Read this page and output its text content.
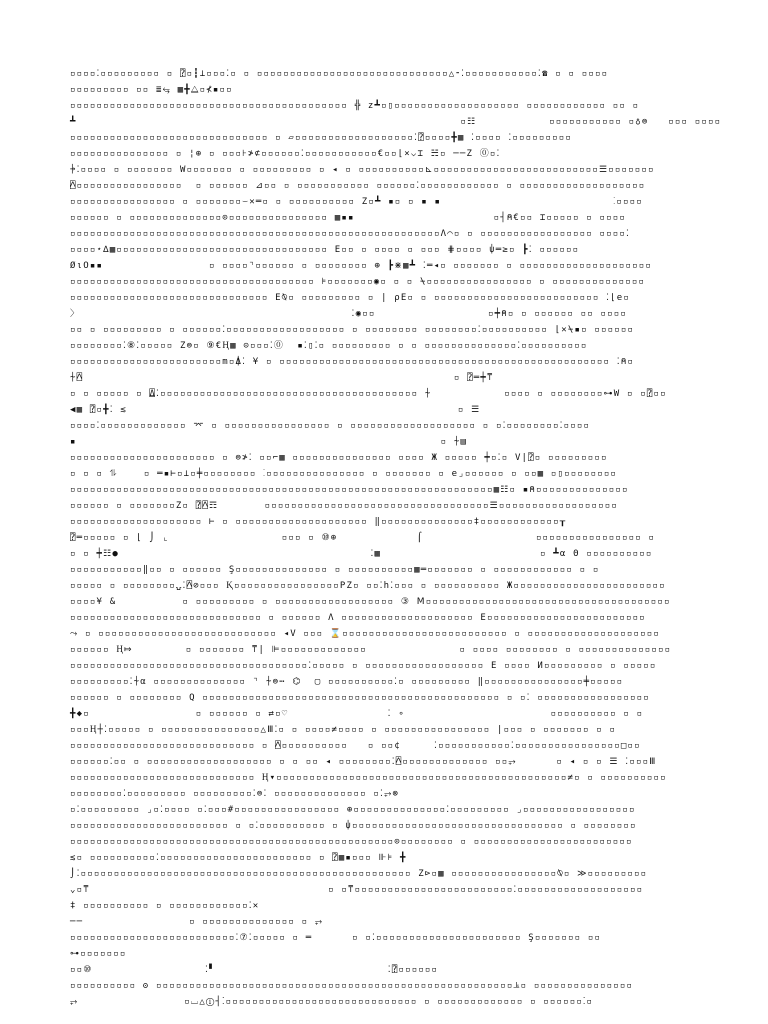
▫▫▫▫⁚▫▫▫▫▫▫▫▫▫ ▫ ⍰▫┇⊥▫▫▫⁚▫ ▫ ▫▫▫▫▫▫▫▫▫▫▫▫▫▫▫▫▫▫▫▫▫▫▫▫▫▫▫▫▫△⁃⁚▫▫▫▫▫▫▫▫▫▫▫⁚☎ ▫ ▫ ▫▫▫▫
▫▫▫▫▫▫▫▫▫ ▫▫ ≣⥃ ▦╋⧋▫⊀▪▫▫
▫▫▫▫▫▫▫▫▫▫▫▫▫▫▫▫▫▫▫▫▫▫▫▫▫▫▫▫▫▫▫▫▫▫▫▫▫▫▫▫▫▫ ╬ z┻▫▯▫▫▫▫▫▫▫▫▫▫▫▫▫▫▫▫▫▫▫ ▫▫▫▫▫▫▫▫▫▫▫▫ ▫▫ ▫
┻                                                          ▫☷           ▫▫▫▫▫▫▫▫▫▫▫ ▫♁⊜   ▫▫▫ ▫▫▫▫
▫▫▫▫▫▫▫▫▫▫▫▫▫▫▫▫▫▫▫▫▫▫▫▫▫▫▫▫▫▫ ▫ ▱▫▫▫▫▫▫▫▫▫▫▫▫▫▫▫▫▫▫⁚⍰▫▫▫▫╋▦ ⁚▫▫▫▫ ⁚▫▫▫▫▫▫▫▫▫
▫▫▫▫▫▫▫▫▫▫▫▫▫▫▫ ▫ ¦⊕ ▫ ▫▫▫⊦≯⊄▫▫▫▫▫▫⁚▫▫▫▫▫▫▫▫▫▫▫€▫▫⌊×⌵⌶ ☵▫ ──Z ⓪▫⁚
⍆⁚▫▫▫▫ ▫ ▫▫▫▫▫▫▫ W▫▫▫▫▫▫▫ ▫ ▫▫▫▫▫▫▫▫▫ ▫ ◂ ▫ ▫▫▫▫▫▫▫▫▫▫⊾▫▫▫▫▫▫▫▫▫▫▫▫▫▫▫▫▫▫▫▫▫▫▫▫▫☰▫▫▫▫▫▫▫
⍓▫▫▫▫▫▫▫▫▫▫▫▫▫▫▫▫  ▫ ▫▫▫▫▫▫ ⊿▫▫ ▫ ▫▫▫▫▫▫▫▫▫▫▫ ▫▫▫▫▫▫⁚▫▫▫▫▫▫▫▫▫▫▫▫ ▫ ▫▫▫▫▫▫▫▫▫▫▫▫▫▫▫▫▫▫▫
▫▫▫▫▫▫▫▫▫▫▫▫▫▫▫▫ ▫ ▫▫▫▫▫▫▫⌣✕═▫ ▫ ▫▫▫▫▫▫▫▫▫▫ Z▫┻ ▪▫ ▫ ▪ ▪                          ⁚▫▫▫▫
▫▫▫▫▫▫ ▫ ▫▫▫▫▫▫▫▫▫▫▫▫▫▫⊙▫▫▫▫▫▫▫▫▫▫▫▫▫▫▫ ▦▪▪                     ▫┤⍝€▫▫ ⌶▫▫▫▫▫ ▫ ▫▫▫▫
▫▫▫▫▫▫▫▫▫▫▫▫▫▫▫▫▫▫▫▫▫▫▫▫▫▫▫▫▫▫▫▫▫▫▫▫▫▫▫▫▫▫▫▫▫▫▫▫▫▫▫▫▫▫▫▫Λ⌒▫ ▫ ▫▫▫▫▫▫▫▫▫▫▫▫▫▫▫▫▫ ▫▫▫▫⁚
▫▫▫▫⋆∆▦▫▫▫▫▫▫▫▫▫▫▫▫▫▫▫▫▫▫▫▫▫▫▫▫▫▫▫▫▫▫▫▫ E▫▫ ▫ ▫▫▫▫ ▫ ▫▫▫ ⋕▫▫▫▫ ⍦═≥▫ ┣⁚ ▫▫▫▫▫▫
Ø⍳O▪▪                ▫ ▫▫▫▫⌝▫▫▫▫▫▫ ▫ ▫▫▫▫▫▫▫▫ ⊕ ┣⋇▦┻ ⁚═◂▫ ▫▫▫▫▫▫▫ ▫ ▫▫▫▫▫▫▫▫▫▫▫▫▫▫▫▫▫▫▫▫
▫▫▫▫▫▫▫▫▫▫▫▫▫▫▫▫▫▫▫▫▫▫▫▫▫▫▫▫▫▫▫▫▫▫▫▫▫ ⊧▫▫▫▫▫▫▫◉▫ ▫ ▫ ⍀▫▫▫▫▫▫▫▫▫▫▫▫▫▫▫▫ ▫ ▫▫▫▫▫▫▫▫▫▫▫▫▫▫
▫▫▫▫▫▫▫▫▫▫▫▫▫▫▫▫▫▫▫▫▫▫▫▫▫▫▫▫▫▫ E⍉▫ ▫▫▫▫▫▫▫▫▫ ▫ ∣ ρE▫ ▫ ▫▫▫▫▫▫▫▫▫▫▫▫▫▫▫▫▫▫▫▫▫▫▫▫▫ ⁚⌊e▫
〉                                         ⁚◉▫▫                 ▫┿⍝▫ ▫ ▫▫▫▫▫▫ ▫▫ ▫▫▫▫
▫▫ ▫ ▫▫▫▫▫▫▫▫▫ ▫ ▫▫▫▫▫▫⁚▫▫▫▫▫▫▫▫▫▫▫▫▫▫▫▫▫▫ ▫ ▫▫▫▫▫▫▫▫ ▫▫▫▫▫▫▫▫⁚▫▫▫▫▫▫▫▫▫▫ ⌊✕⍀▪▫ ▫▫▫▫▫▫
▫▫▫▫▫▫▫▫⁚⑧⁚▫▫▫▫▫ Z⊜▫ ⑨€Ⱨ▦ ⊝▫▫▫⁚⓪  ▪⁚▯⁚▫ ▫▫▫▫▫▫▫▫▫ ▫ ▫ ▫▫▫▫▫▫▫▫▫▫▫▫▫▫⁚▫▫▫▫▫▫▫▫▫▫
▫▫▫▫▫▫▫▫▫▫▫▫▫▫▫▫▫▫▫▫▫▫▫m▫⍋⁚ ¥ ▫ ▫▫▫▫▫▫▫▫▫▫▫▫▫▫▫▫▫▫▫▫▫▫▫▫▫▫▫▫▫▫▫▫▫▫▫▫▫▫▫▫▫▫▫▫▫▫▫▫▫▫ ⁚⍝▫
⍭⍓                                                        ▫ ⍰═┿⍑
▫ ▫ ▫▫▫▫▫ ▫ ⍍⁚▫▫▫▫▫▫▫▫▫▫▫▫▫▫▫▫▫▫▫▫▫▫▫▫▫▫▫▫▫▫▫▫▫▫▫▫▫▫▫ ⍭           ▫▫▫▫ ▫ ▫▫▫▫▫▫▫▫⊶W ▫ ▫⍰▫▫
◀▦ ⍰▫╋⁚ ≲                                                  ▫ ☰
▫▫▫▫⁚▫▫▫▫▫▫▫▫▫▫▫▫▫ ⌤ ▫ ▫▫▫▫▫▫▫▫▫▫▫▫▫▫▫▫ ▫ ▫▫▫▫▫▫▫▫▫▫▫▫▫▫▫▫▫▫▫ ▫ ▫⁚▫▫▫▫▫▫▫▫⁚▫▫▫▫
▪                                                       ▫ ⍭▤
▫▫▫▫▫▫▫▫▫▫▫▫▫▫▫▫▫▫▫▫▫▫ ▫ ⊜≯⁚ ▫▫⌐▦ ▫▫▫▫▫▫▫▫▫▫▫▫▫▫▫ ▫▫▫▫ Ж ▫▫▫▫▫ ┿▫⁚▫ V|⍰▫ ▫▫▫▫▫▫▫▫▫
▫ ▫ ▫ ⥮    ▫ ═▪⊢▫⊥▫╪▫▫▫▫▫▫▫▫ ⁚▫▫▫▫▫▫▫▫▫▫▫▫▫▫▫ ▫ ▫▫▫▫▫▫▫ ▫ e⌟▫▫▫▫▫▫ ▫ ▫▫▦ ▫▯▫▫▫▫▫▫▫▫
▫▫▫▫▫▫▫▫▫▫▫▫▫▫▫▫▫▫▫▫▫▫▫▫▫▫▫▫▫▫▫▫▫▫▫▫▫▫▫▫▫▫▫▫▫▫▫▫▫▫▫▫▫▫▫▫▫▫▫▫▫▫▫▫▦☷▫ ▪⍝▫▫▫▫▫▫▫▫▫▫▫▫▫▫
▫▫▫▫▫▫ ▫ ▫▫▫▫▫▫▫Z▫ ⍰⍓☶       ▫▫▫▫▫▫▫▫▫▫▫▫▫▫▫▫▫▫▫▫▫▫▫▫▫▫▫▫▫▫▫▫▫▫☰▫▫▫▫▫▫▫▫▫▫▫▫▫▫▫▫▫▫
▫▫▫▫▫▫▫▫▫▫▫▫▫▫▫▫▫▫▫▫ ⊢ ▫ ▫▫▫▫▫▫▫▫▫▫▫▫▫▫▫▫▫▫▫▫ ‖▫▫▫▫▫▫▫▫▫▫▫▫▫▫‡▫▫▫▫▫▫▫▫▫▫▫▫┰
⍰═▫▫▫▫▫ ▫ ⌊ ⌡ ⌞                 ▫▫▫ ▫ ⑩⊕            ⌠                 ▫▫▫▫▫▫▫▫▫▫▫▫▫▫▫▫ ▫
▫ ▫ ┿☷●                                      ⁚▦                        ▫ ┻α Θ ▫▫▫▫▫▫▫▫▫▫
▫▫▫▫▫▫▫▫▫▫▫‖▫▫ ▫ ▫▫▫▫▫▫ Ş▫▫▫▫▫▫▫▫▫▫▫▫▫▫ ▫ ▫▫▫▫▫▫▫▫▫▫▦═▫▫▫▫▫▫▫ ▫ ▫▫▫▫▫▫▫▫▫▫▫▫ ▫ ▫
▫▫▫▫▫ ▫ ▫▫▫▫▫▫▫▫⍽⁚⍓⊘▫▫▫ Ⱪ▫▫▫▫▫▫▫▫▫▫▫▫▫▫▫▫PZ▫ ▫▫⁚h⁚▫▫▫ ▫ ▫▫▫▫▫▫▫▫▫▫ Ж▫▫▫▫▫▫▫▫▫▫▫▫▫▫▫▫▫▫▫▫▫▫▫
▫▫▫▫¥ &          ▫ ▫▫▫▫▫▫▫▫▫ ▫ ▫▫▫▫▫▫▫▫▫▫▫▫▫▫▫▫▫▫ ③ Ⅿ▫▫▫▫▫▫▫▫▫▫▫▫▫▫▫▫▫▫▫▫▫▫▫▫▫▫▫▫▫▫▫▫▫▫▫▫▫
▫▫▫▫▫▫▫▫▫▫▫▫▫▫▫▫▫▫▫▫▫▫▫▫▫▫▫▫▫ ▫ ▫▫▫▫▫▫ Λ ▫▫▫▫▫▫▫▫▫▫▫▫▫▫▫▫▫▫▫▫ E▫▫▫▫▫▫▫▫▫▫▫▫▫▫▫▫▫▫▫▫▫▫▫▫
⤳ ▫ ▫▫▫▫▫▫▫▫▫▫▫▫▫▫▫▫▫▫▫▫▫▫▫▫▫▫▫ ◂V ▫▫▫ ⌛▫▫▫▫▫▫▫▫▫▫▫▫▫▫▫▫▫▫▫▫▫▫▫▫▫ ▫ ▫▫▫▫▫▫▫▫▫▫▫▫▫▫▫▫▫▫▫▫
▫▫▫▫▫▫ Ⱨ⤇        ▫ ▫▫▫▫▫▫▫ ⍑∣ ⊫▫▫▫▫▫▫▫▫▫▫▫▫▫              ▫ ▫▫▫▫ ▫▫▫▫▫▫▫▫ ▫ ▫▫▫▫▫▫▫▫▫▫▫▫▫▫
▫▫▫▫▫▫▫▫▫▫▫▫▫▫▫▫▫▫▫▫▫▫▫▫▫▫▫▫▫▫▫▫▫▫▫▫⁚▫▫▫▫▫ ▫ ▫▫▫▫▫▫▫▫▫▫▫▫▫▫▫▫▫▫ E ▫▫▫▫ И▫▫▫▫▫▫▫▫▫ ▫ ▫▫▫▫▫
▫▫▫▫▫▫▫▫▫⁚⍭α ▫▫▫▫▫▫▫▫▫▫▫▫▫▫ ⌝ ⍭⊜⋯ ⌬  ▢ ▫▫▫▫▫▫▫▫▫▫⁚▫ ▫▫▫▫▫▫▫▫▫ ‖▫▫▫▫▫▫▫▫▫▫▫▫▫▫▫╪▫▫▫▫▫
▫▫▫▫▫▫ ▫ ▫▫▫▫▫▫▫▫ Q ▫▫▫▫▫▫▫▫▫▫▫▫▫▫▫▫▫▫▫▫▫▫▫▫▫▫▫▫▫▫▫▫▫▫▫▫▫▫▫▫▫▫▫▫▫ ▫ ▫⁚ ▫▫▫▫▫▫▫▫▫▫▫▫▫▫▫▫▫
╋◆▫                ▫ ▫▫▫▫▫▫ ▫ ⇄▫♡               ⁚ ∘                      ▫▫▫▫▫▫▫▫▫▫ ▫ ▫
▫▫▫Ⱨ┼⁚▫▫▫▫▫ ▫ ▫▫▫▫▫▫▫▫▫▫▫▫▫▫▫△Ⅲ⁚▫ ▫ ▫▫▫▫≠▫▫▫▫ ▫ ▫▫▫▫▫▫▫▫▫▫▫▫▫▫▫▫ ∣▫▫▫ ▫ ▫▫▫▫▫▫▫ ▫ ▫
▫▫▫▫▫▫▫▫▫▫▫▫▫▫▫▫▫▫▫▫▫▫▫▫▫▫▫▫ ▫ ⍓▫▫▫▫▫▫▫▫▫▫   ▫ ▫▫¢     ⁚▫▫▫▫▫▫▫▫▫▫▫⁚▫▫▫▫▫▫▫▫▫▫▫▫▫▫▫▫□▫▫
▫▫▫▫▫▫⁚▫▫ ▫ ▫▫▫▫▫▫▫▫▫▫▫▫▫▫▫▫▫▫▫ ▫ ▫ ▫▫ ◂ ▫▫▫▫▫▫▫▫⁚⍓▫▫▫▫▫▫▫▫▫▫▫▫▫ ▫▫⥅      ▫ ◂ ▫ ▫ ☰ ⁚▫▫▫Ⅲ
▫▫▫▫▫▫▫▫▫▫▫▫▫▫▫▫▫▫▫▫▫▫▫▫▫▫▫▫ Ⱨ▾▫▫▫▫▫▫▫▫▫▫▫▫▫▫▫▫▫▫▫▫▫▫▫▫▫▫▫▫▫▫▫▫▫▫▫▫▫▫▫▫▫▫▫▫≠▫ ▫ ▫▫▫▫▫▫▫▫▫▫
▫▫▫▫▫▫▫▫⁚▫▫▫▫▫▫▫▫▫ ▫▫▫▫▫▫▫▫▫⁚⊜⁚ ▫▫▫▫▫▫▫▫▫▫▫▫▫▫ ▫⁚⥅⊗
▫⁚▫▫▫▫▫▫▫▫▫ ⌟▫⁚▫▫▫▫ ▫⁚▫▫▫#▫▫▫▫▫▫▫▫▫▫▫▫▫▫▫▫ ⊕▫▫▫▫▫▫▫▫▫▫▫▫▫▫⁚▫▫▫▫▫▫▫▫▫ ⌟▫▫▫▫▫▫▫▫▫▫▫▫▫▫▫▫▫
▫▫▫▫▫▫▫▫▫▫▫▫▫▫▫▫▫▫▫▫▫▫▫▫ ▫ ▫⁚▫▫▫▫▫▫▫▫▫▫ ▫ ⍦▫▫▫▫▫▫▫▫▫▫▫▫▫▫▫▫▫▫▫▫▫▫▫▫▫▫▫▫▫▫▫▫ ▫ ▫▫▫▫▫▫▫▫
▫▫▫▫▫▫▫▫▫▫▫▫▫▫▫▫▫▫▫▫▫▫▫▫▫▫▫▫▫▫▫▫▫▫▫▫▫▫▫▫▫▫▫▫▫▫▫▫▫⊙▫▫▫▫▫▫▫▫ ▫ ▫▫▫▫▫▫▫▫▫▫▫▫▫▫▫▫▫▫▫▫▫▫▫▫
≲▫ ▫▫▫▫▫▫▫▫▫▫⁚▫▫▫▫▫▫▫▫▫▫▫▫▫▫▫▫▫▫▫▫▫▫▫ ▫ ⍰▦▪▫▫▫ ⊪⊧ ╋
⌡⁚▫▫▫▫▫▫▫▫▫▫▫▫▫▫▫▫▫▫▫▫▫▫▫▫▫▫▫▫▫▫▫▫▫▫▫▫▫▫▫▫▫▫▫▫▫▫▫▫▫▫ Z⊳▫▦ ▫▫▫▫▫▫▫▫▫▫▫▫▫▫▫▫⍉▫ ≫▫▫▫▫▫▫▫▫▫
⌄▫⍑                                    ▫ ▫⍑▫▫▫▫▫▫▫▫▫▫▫▫▫▫▫▫▫▫▫▫▫▫▫▫⁚▫▫▫▫▫▫▫▫▫▫▫▫▫▫▫▫▫▫▫
‡ ▫▫▫▫▫▫▫▫▫▫ ▫ ▫▫▫▫▫▫▫▫▫▫▫▫⁚✕
──                ▫ ▫▫▫▫▫▫▫▫▫▫▫▫▫▫ ▫ ⥅
▫▫▫▫▫▫▫▫▫▫▫▫▫▫▫▫▫▫▫▫▫▫▫▫▫⁚⑦⁚▫▫▫▫▫ ▫ ═      ▫ ▫⁚▫▫▫▫▫▫▫▫▫▫▫▫▫▫▫▫▫▫▫▫▫▫ Ş▫▫▫▫▫▫▫ ▫▫
⊶▫▫▫▫▫▫▫
▫▫⑩                 ⁚▘                          ⁚⍰▫▫▫▫▫▫
▫▫▫▫▫▫▫▫▫▫ ʘ ▫▫▫▫▫▫▫▫▫▫▫▫▫▫▫▫▫▫▫▫▫▫▫▫▫▫▫▫▫▫▫▫▫▫▫▫▫▫▫▫▫▫▫▫▫▫▫▫▫▫▫▫▫▫⫡▫ ▫▫▫▫▫▫▫▫▫▫▫▫▫▫▫
⥅                ▫⌴△①┤⁚▫▫▫▫▫▫▫▫▫▫▫▫▫▫▫▫▫▫▫▫▫▫▫▫▫▫▫▫▫ ▫ ▫▫▫▫▫▫▫▫▫▫▫▫▫ ▫ ▫▫▫▫▫▫⁚▫
